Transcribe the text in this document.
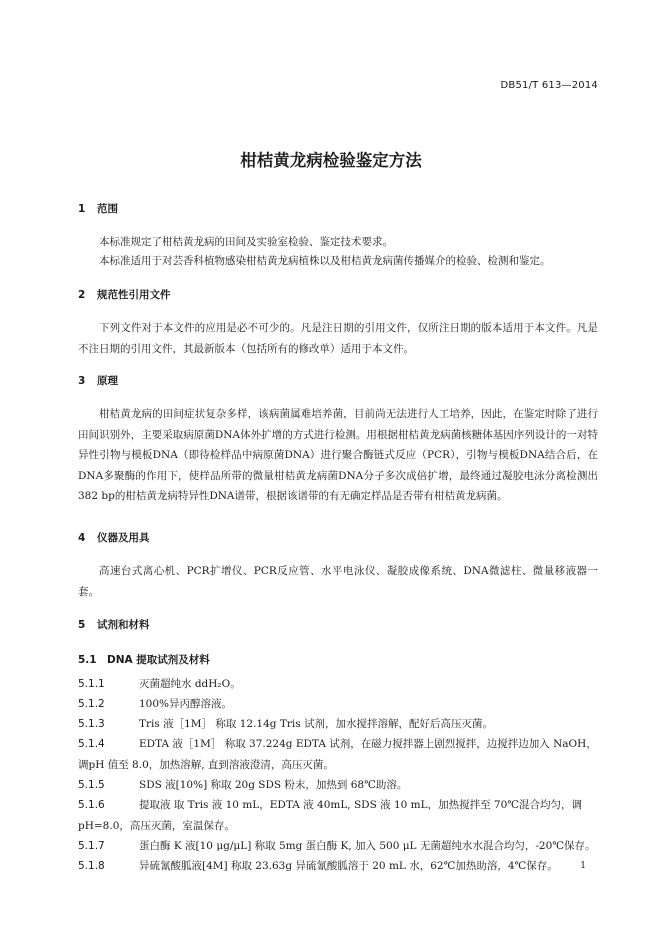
DB51/T 613—2014
柑桔黄龙病检验鉴定方法
1 范围

本标准规定了柑桔黄龙病的田间及实验室检验、鉴定技术要求。

本标准适用于对芸香科植物感染柑桔黄龙病植株以及柑桔黄龙病菌传播媒介的检验、检测和鉴定。

2 规范性引用文件

下列文件对于本文件的应用是必不可少的。凡是注日期的引用文件，仅所注日期的版本适用于本文件。凡是不注日期的引用文件，其最新版本（包括所有的修改单）适用于本文件。

3 原理

柑桔黄龙病的田间症状复杂多样，该病菌属难培养菌，目前尚无法进行人工培养，因此，在鉴定时除了进行田间识别外，主要采取病原菌DNA体外扩增的方式进行检测。用根据柑桔黄龙病菌核糖体基因序列设计的一对特异性引物与模板DNA（即待检样品中病原菌DNA）进行聚合酶链式反应（PCR），引物与模板DNA结合后，在DNA多聚酶的作用下，使样品所带的微量柑桔黄龙病菌DNA分子多次成倍扩增，最终通过凝胶电泳分离检测出 382 bp的柑桔黄龙病特异性DNA谱带，根据该谱带的有无确定样品是否带有柑桔黄龙病菌。

4 仪器及用具

高速台式离心机、PCR扩增仪、PCR反应管、水平电泳仪、凝胶成像系统、DNA微滤柱、微量移液器一套。

5 试剂和材料
5.1 DNA 提取试剂及材料

5.1.1	灭菌超纯水 ddH₂O。

5.1.2	100%异丙醇溶液。

5.1.3	Tris 液［1M］ 称取 12.14g Tris 试剂，加水搅拌溶解，配好后高压灭菌。

5.1.4	EDTA 液［1M］ 称取 37.224g EDTA 试剂，在磁力搅拌器上剧烈搅拌，边搅拌边加入 NaOH，调pH 值至 8.0，加热溶解, 直到溶液澄清，高压灭菌。

5.1.5	SDS 液[10%] 称取 20g SDS 粉末，加热到 68℃助溶。

5.1.6	提取液 取 Tris 液 10 mL，EDTA 液 40mL, SDS 液 10 mL，加热搅拌至 70℃混合均匀，调 pH=8.0，高压灭菌，室温保存。

5.1.7	蛋白酶 K 液[10 μg/μL] 称取 5mg 蛋白酶 K, 加入 500 μL 无菌超纯水水混合均匀，-20℃保存。

5.1.8	异硫氰酸胍液[4M] 称取 23.63g 异硫氰酸胍溶于 20 mL 水，62℃加热助溶，4℃保存。	1
